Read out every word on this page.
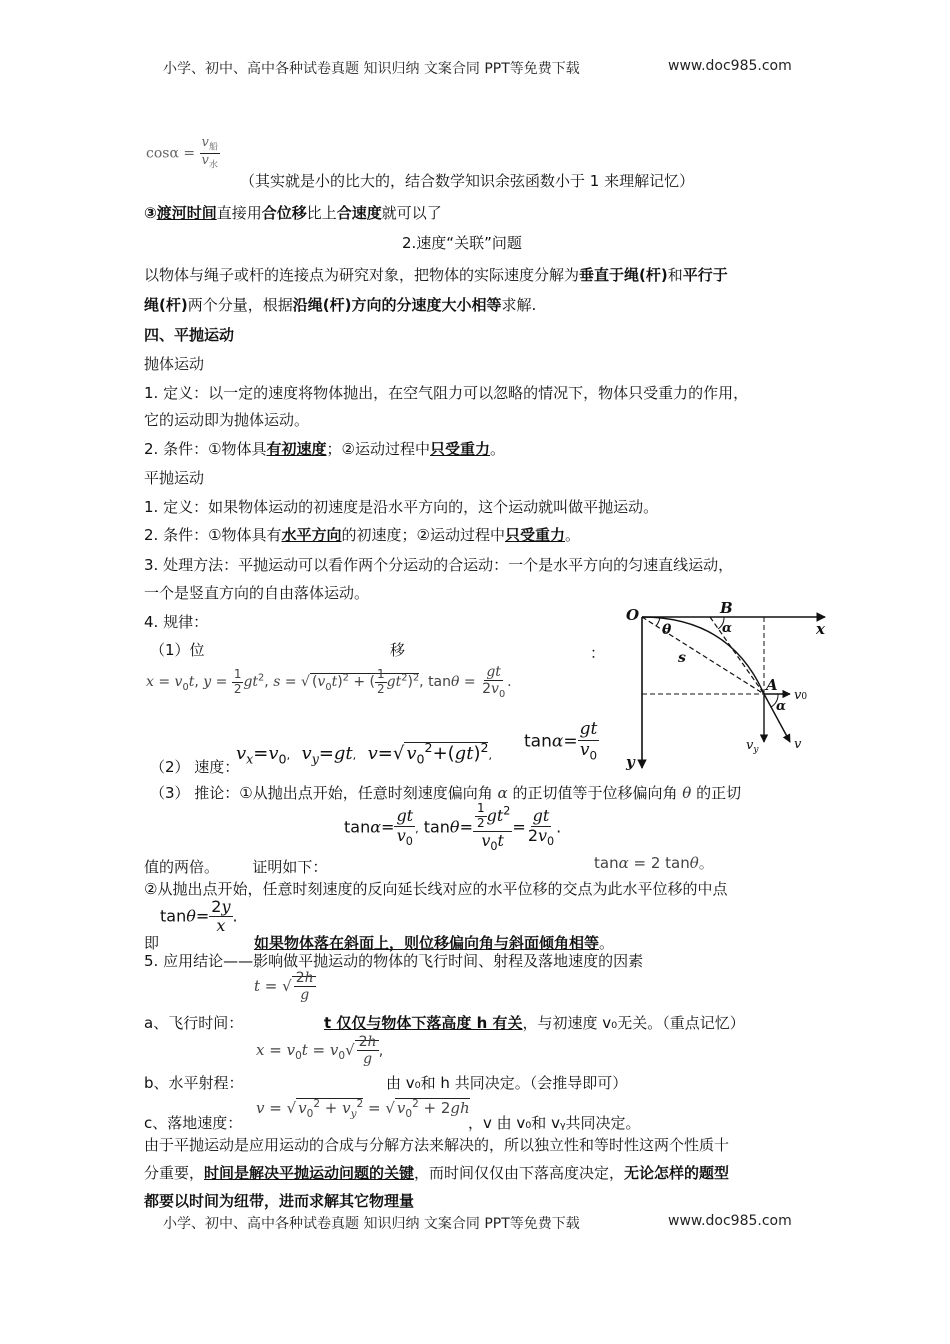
小学、初中、高中各种试卷真题 知识归纳 文案合同 PPT等免费下载	www.doc985.com
$\cos\alpha = \frac{v_船}{v_水}$
（其实就是小的比大的，结合数学知识余弦函数小于 1 来理解记忆）
③渡河时间直接用合位移比上合速度就可以了
2.速度“关联”问题
以物体与绳子或杆的连接点为研究对象，把物体的实际速度分解为垂直于绳(杆)和平行于
绳(杆)两个分量，根据沿绳(杆)方向的分速度大小相等求解.
四、平抛运动
抛体运动
1. 定义：以一定的速度将物体抛出，在空气阻力可以忽略的情况下，物体只受重力的作用，
它的运动即为抛体运动。
2. 条件：①物体具有初速度；②运动过程中只受重力。
平抛运动
1. 定义：如果物体运动的初速度是沿水平方向的，这个运动就叫做平抛运动。
2. 条件：①物体具有水平方向的初速度；②运动过程中只受重力。
3. 处理方法：平抛运动可以看作两个分运动的合运动：一个是水平方向的匀速直线运动，
一个是竖直方向的自由落体运动。
4. 规律：
（1）位	移	：
$x = v_0t$, $y = \frac{1}{2} gt^2$, s = √ $(v_0t)^2$ + ( $\frac{1}{2} gt^2)^2$, $\tan\theta = \frac{gt}{2v_0}$ .
（2） 速度：
$v_x=v_0$, $v_y=gt$, v=√ $v_0^2+(gt)^2$,
$\tan\alpha= \frac{gt}{v_0}$
（3） 推论：①从抛出点开始，任意时刻速度偏向角 α 的正切值等于位移偏向角 θ 的正切
值的两倍。 证明如下：
$\tan\alpha= \frac{gt}{v_0}$ , $\tan\theta= \frac{\frac{1}{2} gt^2}{v_0t} = \frac{gt}{2v_0}$ .
tanα = 2 tanθ。
②从抛出点开始，任意时刻速度的反向延长线对应的水平位移的交点为此水平位移的中点
$\tan\theta= \frac{2y}{x}$ .
即	如果物体落在斜面上，则位移偏向角与斜面倾角相等。
5. 应用结论——影响做平抛运动的物体的飞行时间、射程及落地速度的因素
t = √ $\frac{2h}{g}$
a、飞行时间：	t 仅仅与物体下落高度 h 有关，与初速度 v₀无关。（重点记忆）
$x = v_0t = v_0√ \frac{2h}{g}$ ,
b、水平射程：	由 v₀和 h 共同决定。（会推导即可）
c、落地速度：
v = √ $v_0^2 + v_y^2$ = √ $v_0^2 + 2gh$
，v 由 v₀和 vᵧ共同决定。
由于平抛运动是应用运动的合成与分解方法来解决的，所以独立性和等时性这两个性质十
分重要，时间是解决平抛运动问题的关键，而时间仅仅由下落高度决定，无论怎样的题型
都要以时间为纽带，进而求解其它物理量
小学、初中、高中各种试卷真题 知识归纳 文案合同 PPT等免费下载	www.doc985.com
O	B
A
x
y
θ	α
α
s
v0
$v_y$	v
